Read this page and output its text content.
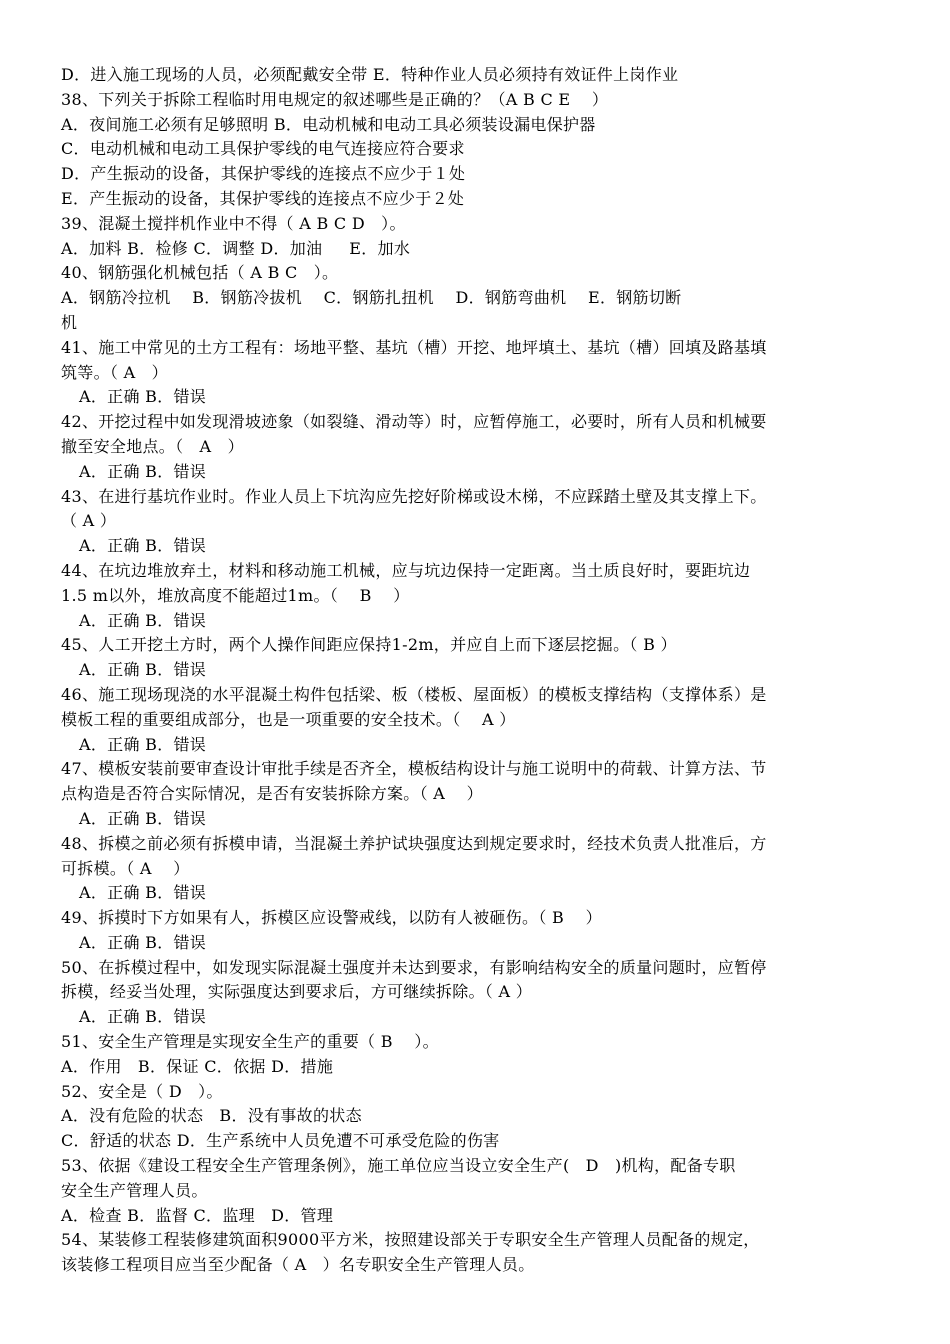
D．进入施工现场的人员，必须配戴安全带 E．特种作业人员必须持有效证件上岗作业
38、下列关于拆除工程临时用电规定的叙述哪些是正确的？（A B C E    ）
A．夜间施工必须有足够照明 B．电动机械和电动工具必须装设漏电保护器
C．电动机械和电动工具保护零线的电气连接应符合要求
D．产生振动的设备，其保护零线的连接点不应少于１处
E．产生振动的设备，其保护零线的连接点不应少于２处
39、混凝土搅拌机作业中不得（ A B C D   ）。
A．加料 B．检修 C．调整 D．加油     E．加水
40、钢筋强化机械包括（ A B C   ）。
A．钢筋冷拉机    B．钢筋冷拔机    C．钢筋扎扭机    D．钢筋弯曲机    E．钢筋切断
机
41、施工中常见的土方工程有：场地平整、基坑（槽）开挖、地坪填土、基坑（槽）回填及路基填
筑等。（ A   ）
A．正确 B．错误
42、开挖过程中如发现滑坡迹象（如裂缝、滑动等）时，应暂停施工，必要时，所有人员和机械要
撤至安全地点。（   A   ）
A．正确 B．错误
43、在进行基坑作业时。作业人员上下坑沟应先挖好阶梯或设木梯，不应踩踏土壁及其支撑上下。
（ A ）
A．正确 B．错误
44、在坑边堆放弃土，材料和移动施工机械，应与坑边保持一定距离。当土质良好时，要距坑边
1.5 m以外，堆放高度不能超过1m。（    B    ）
A．正确 B．错误
45、人工开挖土方时，两个人操作间距应保持1-2m，并应自上而下逐层挖掘。（ B ）
A．正确 B．错误
46、施工现场现浇的水平混凝土构件包括梁、板（楼板、屋面板）的模板支撑结构（支撑体系）是
模板工程的重要组成部分，也是一项重要的安全技术。（    A ）
A．正确 B．错误
47、模板安装前要审查设计审批手续是否齐全，模板结构设计与施工说明中的荷载、计算方法、节
点构造是否符合实际情况，是否有安装拆除方案。（ A    ）
A．正确 B．错误
48、拆模之前必须有拆模申请，当混凝土养护试块强度达到规定要求时，经技术负责人批准后，方
可拆模。（ A    ）
A．正确 B．错误
49、拆摸时下方如果有人，拆模区应设警戒线，以防有人被砸伤。（ B    ）
A．正确 B．错误
50、在拆模过程中，如发现实际混凝土强度并未达到要求，有影响结构安全的质量问题时，应暂停
拆模，经妥当处理，实际强度达到要求后，方可继续拆除。（ A ）
A．正确 B．错误
51、安全生产管理是实现安全生产的重要（ B    ）。
A．作用   B．保证 C．依据 D．措施
52、安全是（ D   ）。
A．没有危险的状态   B．没有事故的状态
C．舒适的状态 D．生产系统中人员免遭不可承受危险的伤害
53、依据《建设工程安全生产管理条例》，施工单位应当设立安全生产(   D   )机构，配备专职
安全生产管理人员。
A．检查 B．监督 C．监理   D．管理
54、某装修工程装修建筑面积9000平方米，按照建设部关于专职安全生产管理人员配备的规定，
该装修工程项目应当至少配备（ A   ）名专职安全生产管理人员。
